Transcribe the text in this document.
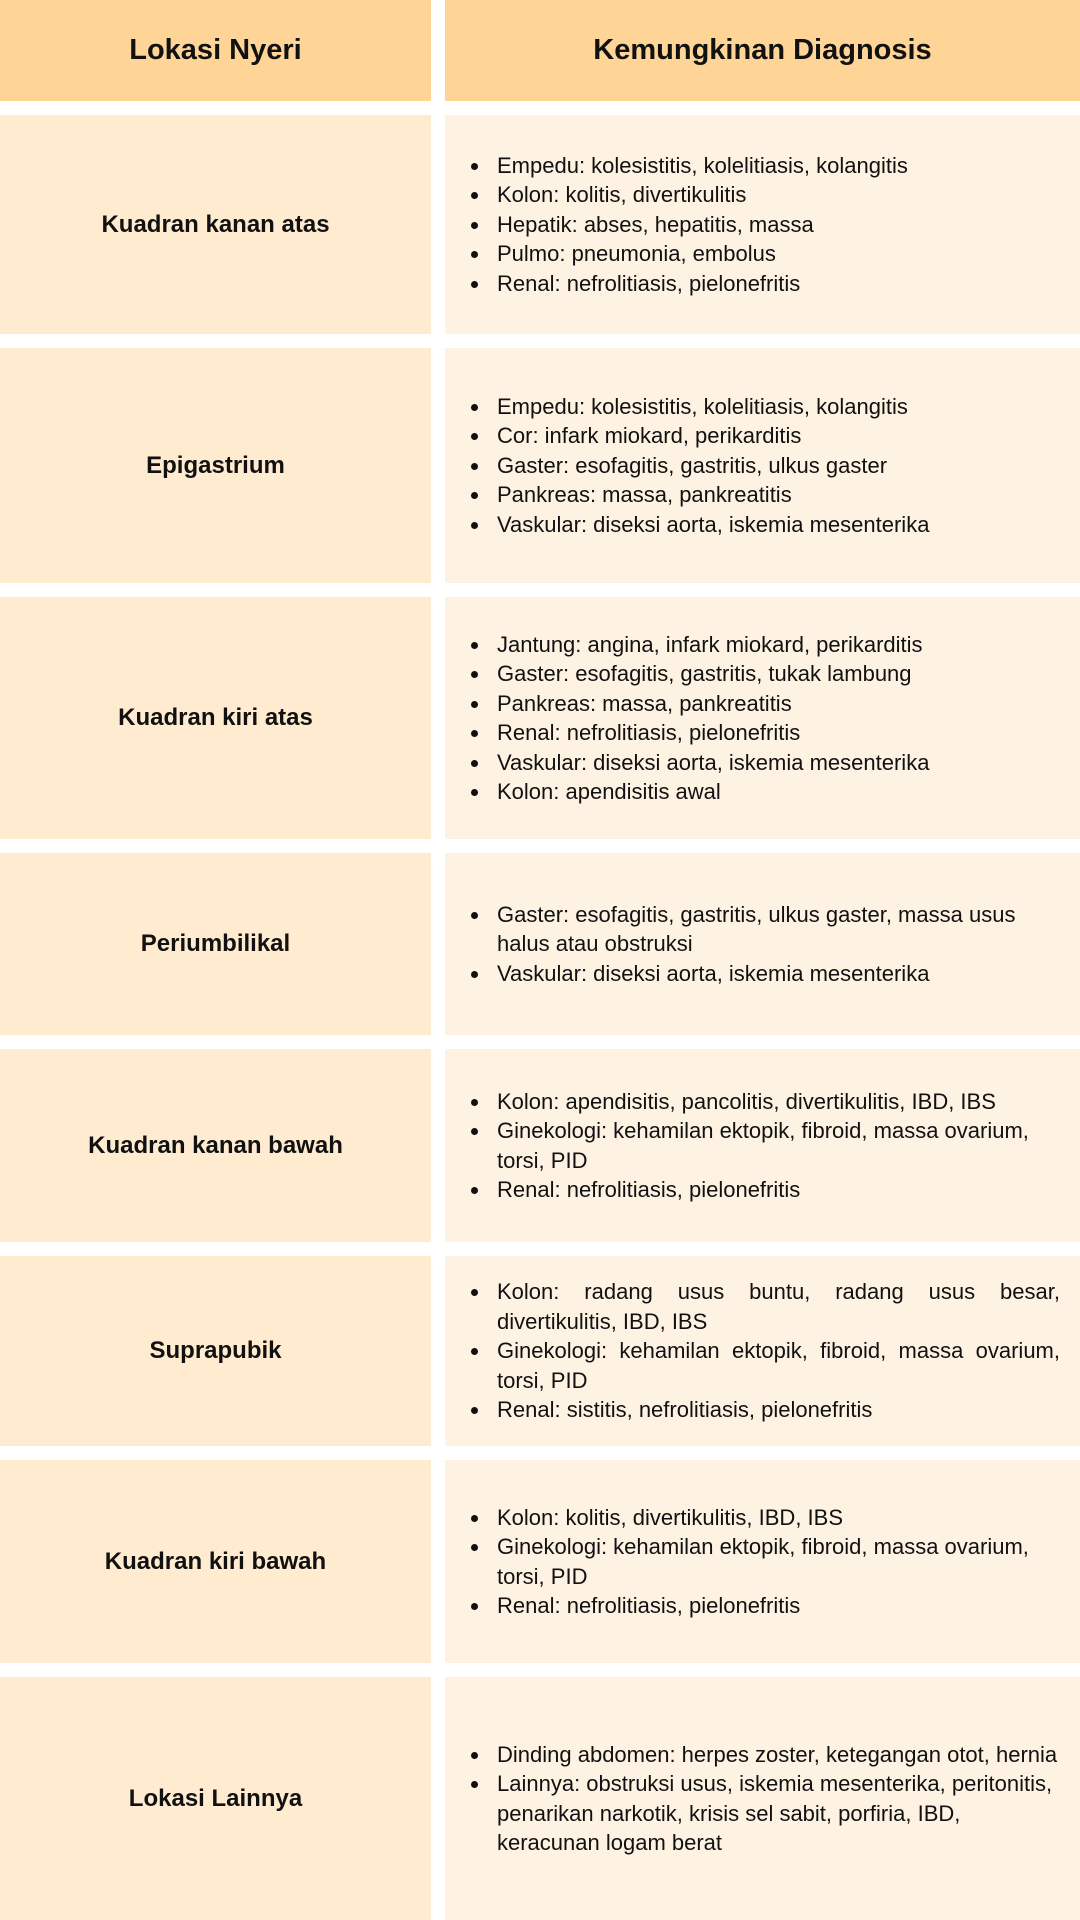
Lokasi Nyeri	Kemungkinan Diagnosis
Kuadran kanan atas
• Empedu: kolesistitis, kolelitiasis, kolangitis
• Kolon: kolitis, divertikulitis
• Hepatik: abses, hepatitis, massa
• Pulmo: pneumonia, embolus
• Renal: nefrolitiasis, pielonefritis
Epigastrium
• Empedu: kolesistitis, kolelitiasis, kolangitis
• Cor: infark miokard, perikarditis
• Gaster: esofagitis, gastritis, ulkus gaster
• Pankreas: massa, pankreatitis
• Vaskular: diseksi aorta, iskemia mesenterika
Kuadran kiri atas
• Jantung: angina, infark miokard, perikarditis
• Gaster: esofagitis, gastritis, tukak lambung
• Pankreas: massa, pankreatitis
• Renal: nefrolitiasis, pielonefritis
• Vaskular: diseksi aorta, iskemia mesenterika
• Kolon: apendisitis awal
Periumbilikal
• Gaster: esofagitis, gastritis, ulkus gaster, massa usus halus atau obstruksi
• Vaskular: diseksi aorta, iskemia mesenterika
Kuadran kanan bawah
• Kolon: apendisitis, pancolitis, divertikulitis, IBD, IBS
• Ginekologi: kehamilan ektopik, fibroid, massa ovarium, torsi, PID
• Renal: nefrolitiasis, pielonefritis
Suprapubik
• Kolon: radang usus buntu, radang usus besar, divertikulitis, IBD, IBS
• Ginekologi: kehamilan ektopik, fibroid, massa ovarium, torsi, PID
• Renal: sistitis, nefrolitiasis, pielonefritis
Kuadran kiri bawah
• Kolon: kolitis, divertikulitis, IBD, IBS
• Ginekologi: kehamilan ektopik, fibroid, massa ovarium, torsi, PID
• Renal: nefrolitiasis, pielonefritis
Lokasi Lainnya
• Dinding abdomen: herpes zoster, ketegangan otot, hernia
• Lainnya: obstruksi usus, iskemia mesenterika, peritonitis, penarikan narkotik, krisis sel sabit, porfiria, IBD, keracunan logam berat
